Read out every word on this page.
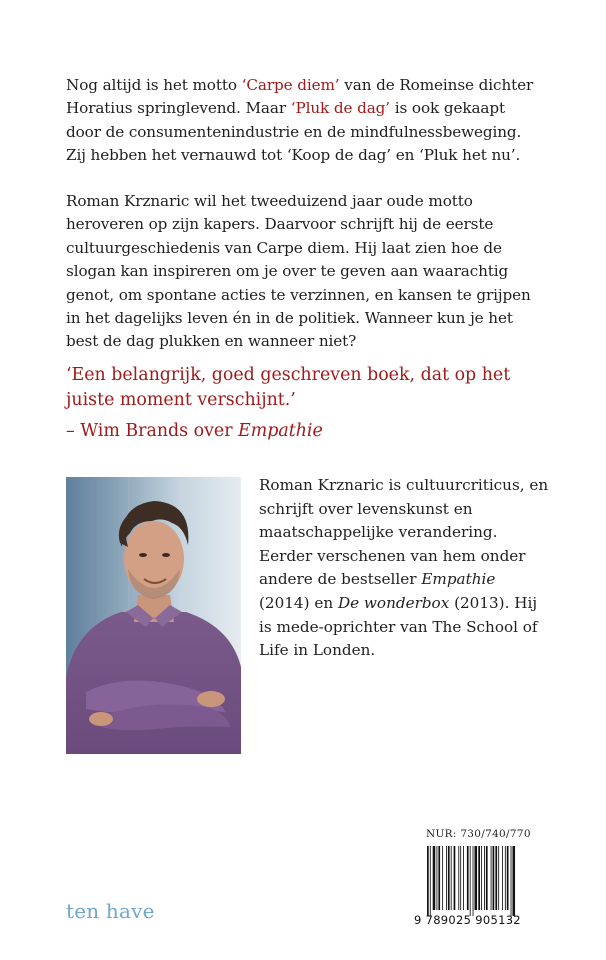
Nog altijd is het motto ‘Carpe diem’ van de Romeinse dichter Horatius springlevend. Maar ‘Pluk de dag’ is ook gekaapt door de consumentenindustrie en de mindfulnessbeweging. Zij hebben het vernauwd tot ‘Koop de dag’ en ‘Pluk het nu’.

Roman Krznaric wil het tweeduizend jaar oude motto heroveren op zijn kapers. Daarvoor schrijft hij de eerste cultuurgeschiedenis van Carpe diem. Hij laat zien hoe de slogan kan inspireren om je over te geven aan waarachtig genot, om spontane acties te verzinnen, en kansen te grijpen in het dagelijks leven én in de politiek. Wanneer kun je het best de dag plukken en wanneer niet?

‘Een belangrijk, goed geschreven boek, dat op het juiste moment verschijnt.’

– Wim Brands over Empathie

Roman Krznaric is cultuurcriticus, en schrijft over levenskunst en maatschappelijke verandering. Eerder verschenen van hem onder andere de bestseller Empathie (2014) en De wonderbox (2013). Hij is mede-oprichter van The School of Life in Londen.

NUR: 730/740/770
9 789025 905132
ten have
